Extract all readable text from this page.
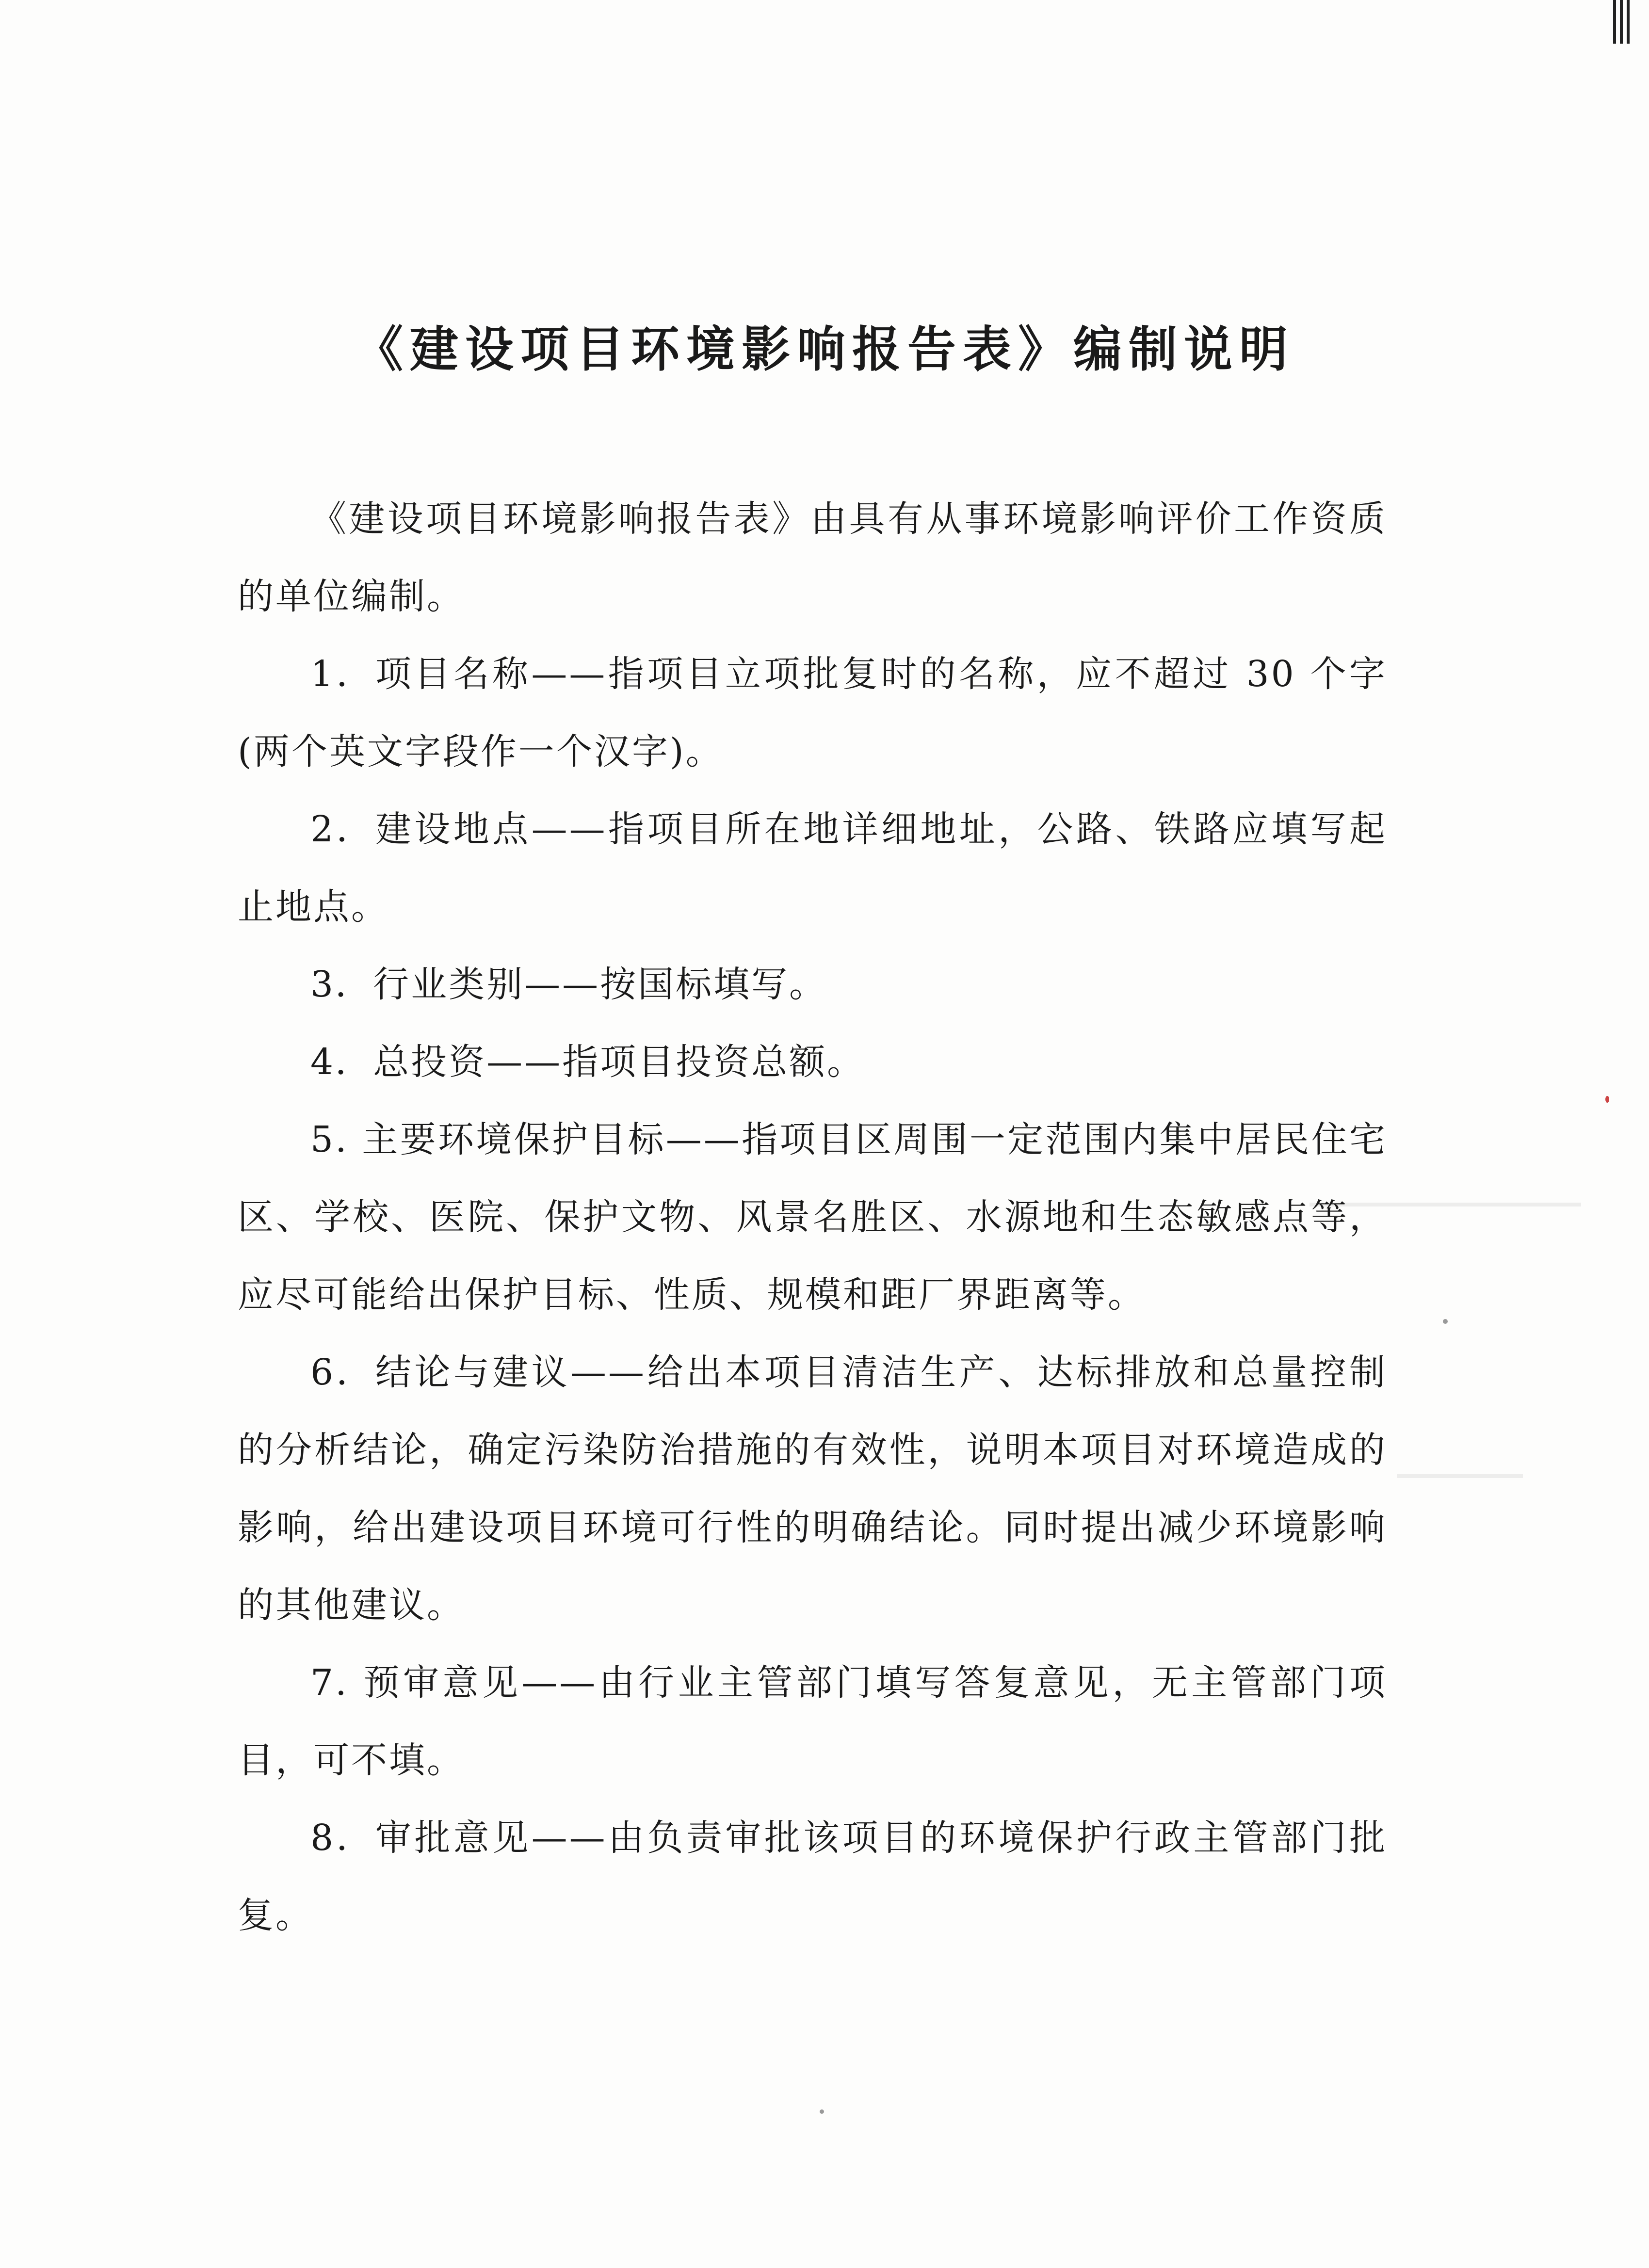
《建设项目环境影响报告表》编制说明

《建设项目环境影响报告表》由具有从事环境影响评价工作资质的单位编制。

1．项目名称——指项目立项批复时的名称，应不超过 30 个字(两个英文字段作一个汉字)。

2．建设地点——指项目所在地详细地址，公路、铁路应填写起止地点。

3．行业类别——按国标填写。

4．总投资——指项目投资总额。

5. 主要环境保护目标——指项目区周围一定范围内集中居民住宅区、学校、医院、保护文物、风景名胜区、水源地和生态敏感点等，应尽可能给出保护目标、性质、规模和距厂界距离等。

6．结论与建议——给出本项目清洁生产、达标排放和总量控制的分析结论，确定污染防治措施的有效性，说明本项目对环境造成的影响，给出建设项目环境可行性的明确结论。同时提出减少环境影响的其他建议。

7. 预审意见——由行业主管部门填写答复意见，无主管部门项目，可不填。

8．审批意见——由负责审批该项目的环境保护行政主管部门批复。
